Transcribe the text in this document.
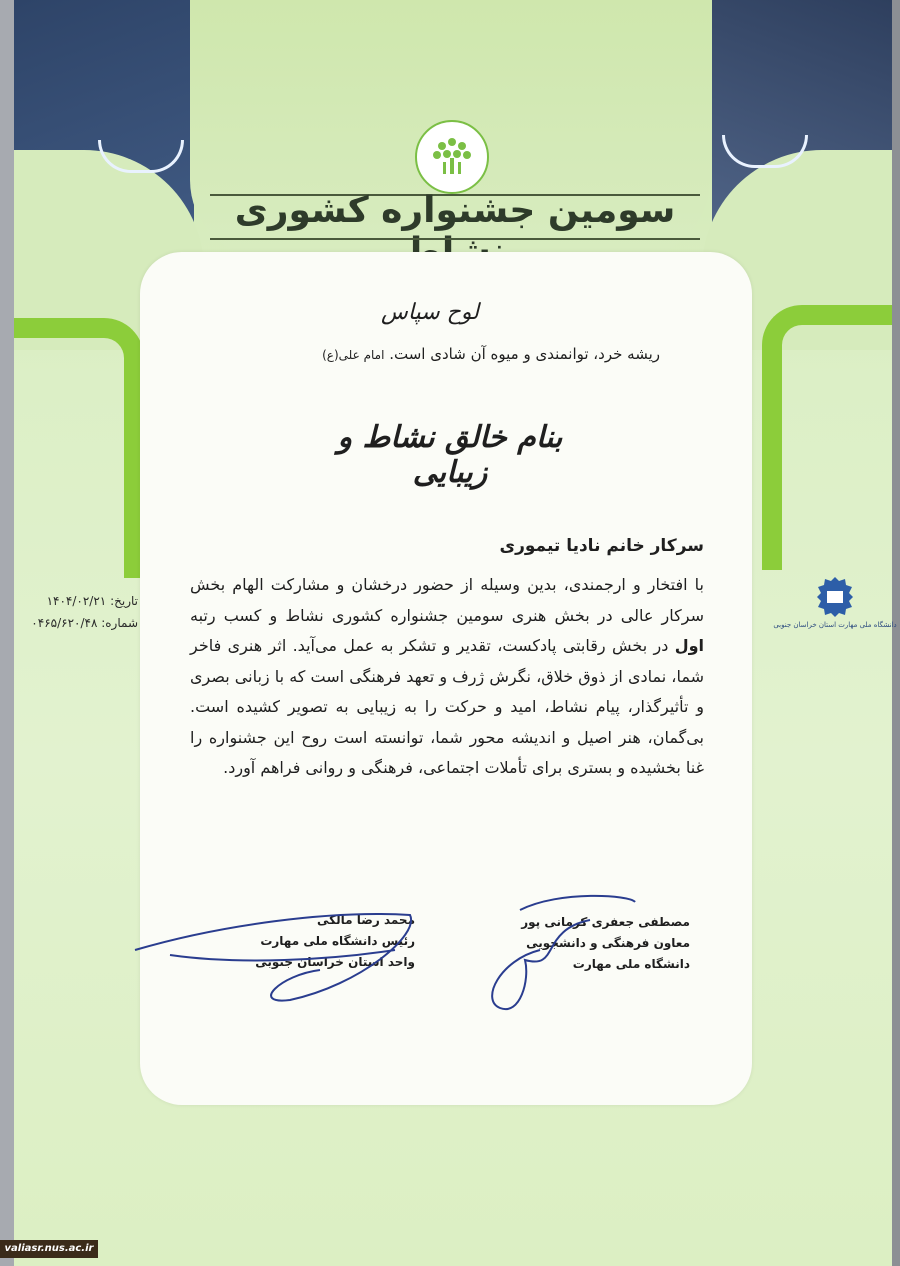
سومین جشنواره کشوری
لوح سپاس
ریشه خرد، توانمندی و میوه آن شادی است. امام علی(ع)
بنام خالق نشاط و زیبایی
سرکار خانم نادیا تیموری
با افتخار و ارجمندی، بدین وسیله از حضور درخشان و مشارکت الهام بخش سرکار عالی در بخش هنری سومین جشنواره کشوری نشاط و کسب رتبه اول در بخش رقابتی پادکست، تقدیر و تشکر به عمل می‌آید. اثر هنری فاخر شما، نمادی از ذوق خلاق، نگرش ژرف و تعهد فرهنگی است که با زبانی بصری و تأثیرگذار، پیام نشاط، امید و حرکت را به زیبایی به تصویر کشیده است. بی‌گمان، هنر اصیل و اندیشه محور شما، توانسته است روح این جشنواره را غنا بخشیده و بستری برای تأملات اجتماعی، فرهنگی و روانی فراهم آورد.
تاریخ: ۱۴۰۴/۰۲/۲۱
شماره: ۰۴۶۵/۶۲۰/۴۸
مصطفی جعفری کرمانی پور
معاون فرهنگی و دانشجویی
دانشگاه ملی مهارت
محمد رضا مالکی
رئیس دانشگاه ملی مهارت
واحد استان خراسان جنوبی
دانشگاه ملی مهارت استان خراسان جنوبی
valiasr.nus.ac.ir
